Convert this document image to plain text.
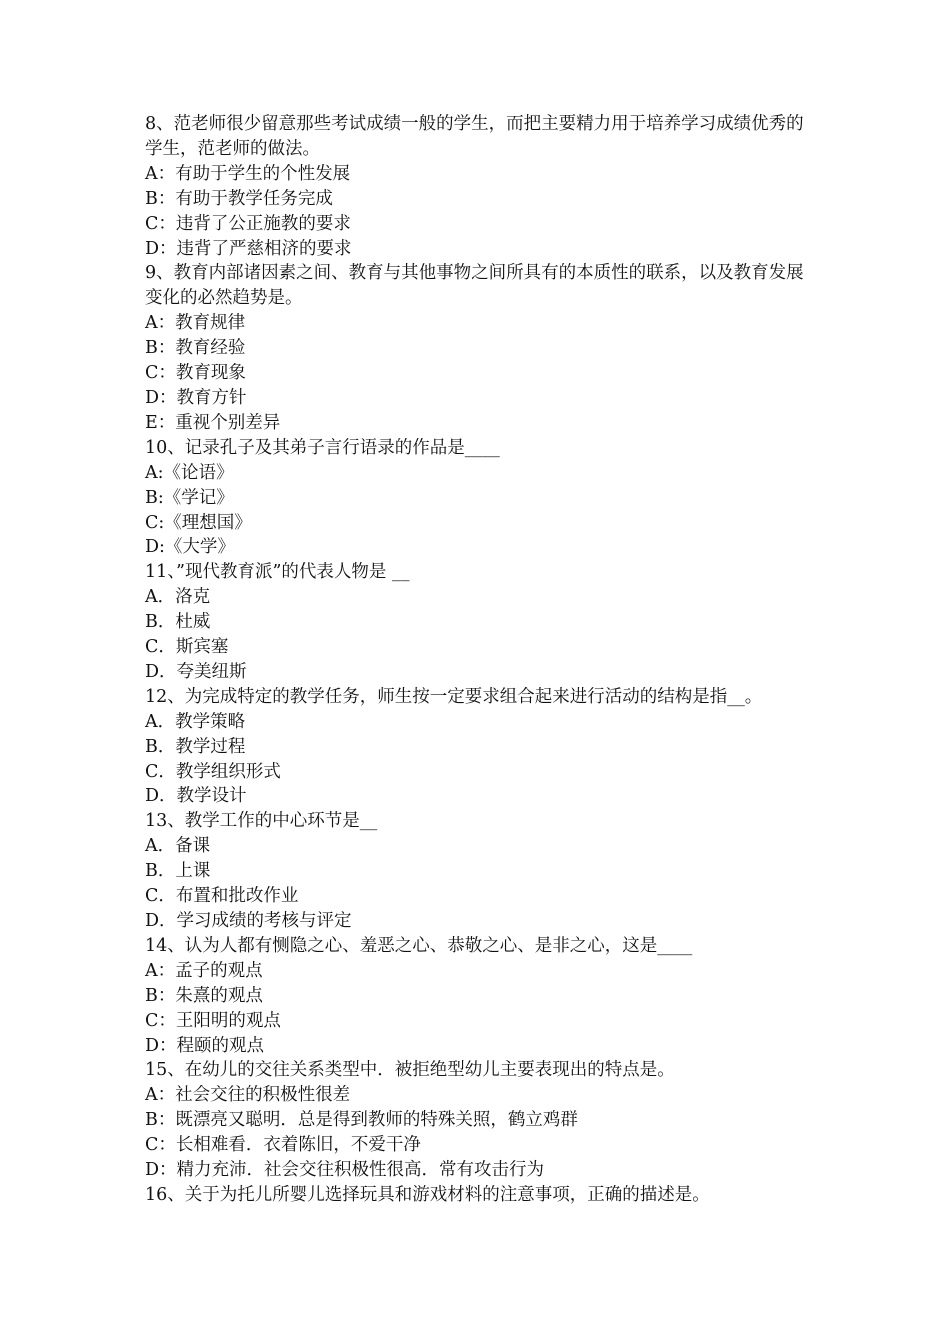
8、范老师很少留意那些考试成绩一般的学生，而把主要精力用于培养学习成绩优秀的学生，范老师的做法。

A：有助于学生的个性发展

B：有助于教学任务完成

C：违背了公正施教的要求

D：违背了严慈相济的要求

9、教育内部诸因素之间、教育与其他事物之间所具有的本质性的联系，以及教育发展变化的必然趋势是。

A：教育规律

B：教育经验

C：教育现象

D：教育方针

E：重视个别差异

10、记录孔子及其弟子言行语录的作品是____

A:《论语》

B:《学记》

C:《理想国》

D:《大学》

11、”现代教育派”的代表人物是 __

A．洛克

B．杜威

C．斯宾塞

D．夸美纽斯

12、为完成特定的教学任务，师生按一定要求组合起来进行活动的结构是指__。

A．教学策略

B．教学过程

C．教学组织形式

D．教学设计

13、教学工作的中心环节是__

A．备课

B．上课

C．布置和批改作业

D．学习成绩的考核与评定

14、认为人都有恻隐之心、羞恶之心、恭敬之心、是非之心，这是____

A：孟子的观点

B：朱熹的观点

C：王阳明的观点

D：程颐的观点

15、在幼儿的交往关系类型中．被拒绝型幼儿主要表现出的特点是。

A：社会交往的积极性很差

B：既漂亮又聪明．总是得到教师的特殊关照，鹤立鸡群

C：长相难看．衣着陈旧，不爱干净

D：精力充沛．社会交往积极性很高．常有攻击行为

16、关于为托儿所婴儿选择玩具和游戏材料的注意事项，正确的描述是。
